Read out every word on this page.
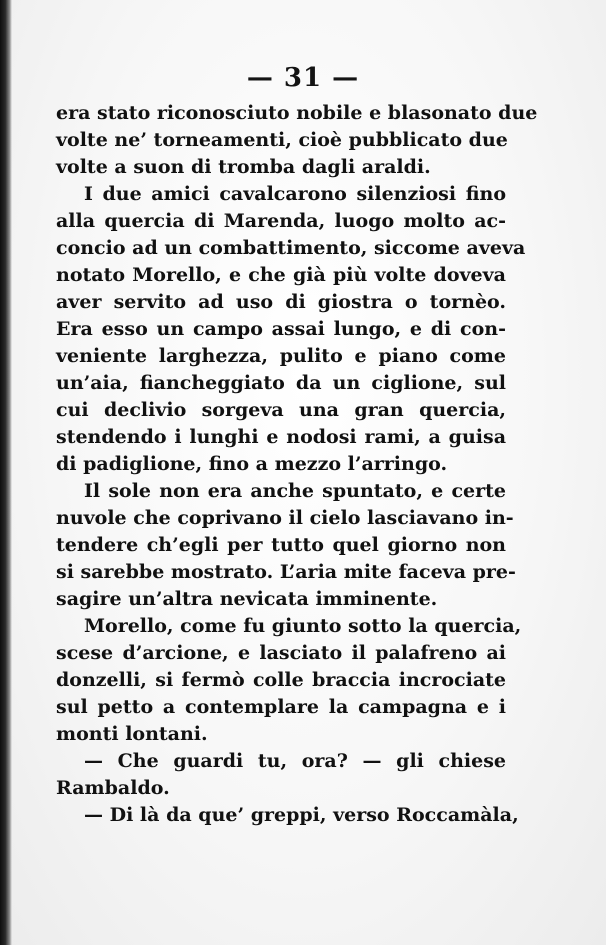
— 31 —

era stato riconosciuto nobile e blasonato due
volte ne’ torneamenti, cioè pubblicato due
volte a suon di tromba dagli araldi.
I due amici cavalcarono silenziosi fino
alla quercia di Marenda, luogo molto ac-
concio ad un combattimento, siccome aveva
notato Morello, e che già più volte doveva
aver servito ad uso di giostra o tornèo.
Era esso un campo assai lungo, e di con-
veniente larghezza, pulito e piano come
un’aia, fiancheggiato da un ciglione, sul
cui declivio sorgeva una gran quercia,
stendendo i lunghi e nodosi rami, a guisa
di padiglione, fino a mezzo l’arringo.
Il sole non era anche spuntato, e certe
nuvole che coprivano il cielo lasciavano in-
tendere ch’egli per tutto quel giorno non
si sarebbe mostrato. L’aria mite faceva pre-
sagire un’altra nevicata imminente.
Morello, come fu giunto sotto la quercia,
scese d’arcione, e lasciato il palafreno ai
donzelli, si fermò colle braccia incrociate
sul petto a contemplare la campagna e i
monti lontani.
— Che guardi tu, ora? — gli chiese
Rambaldo.
— Di là da que’ greppi, verso Roccamàla,
